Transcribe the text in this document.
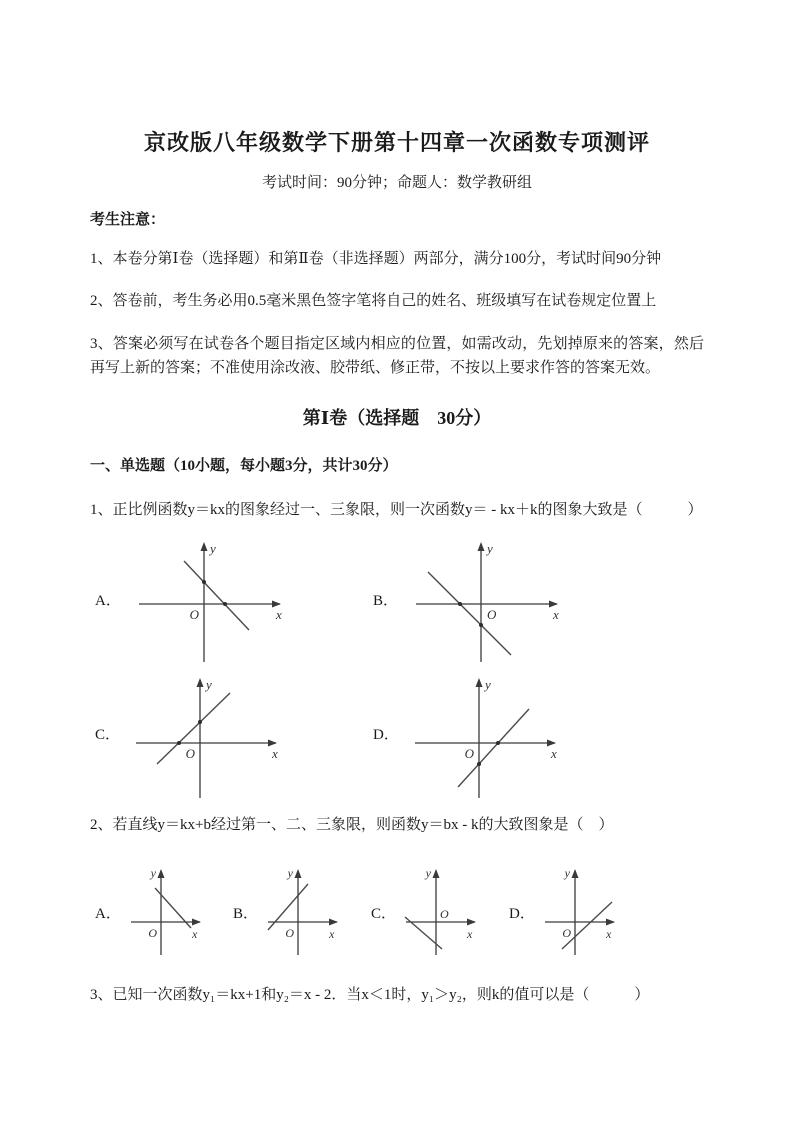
京改版八年级数学下册第十四章一次函数专项测评
考试时间：90分钟；命题人：数学教研组
考生注意：

1、本卷分第Ⅰ卷（选择题）和第Ⅱ卷（非选择题）两部分，满分100分，考试时间90分钟

2、答卷前，考生务必用0.5毫米黑色签字笔将自己的姓名、班级填写在试卷规定位置上

3、答案必须写在试卷各个题目指定区域内相应的位置，如需改动，先划掉原来的答案，然后再写上新的答案；不准使用涂改液、胶带纸、修正带，不按以上要求作答的答案无效。

第Ⅰ卷（选择题　30分）
一、单选题（10小题，每小题3分，共计30分）

1、正比例函数y＝kx的图象经过一、三象限，则一次函数y＝ - kx＋k的图象大致是（　　　）

A．
y
x
O
B．
y
x
O
C．
y
x
O
D．
y
x
O

2、若直线y＝kx+b经过第一、二、三象限，则函数y＝bx - k的大致图象是（　）

A．
y
x
O
B．
y
x
O
C．
y
x
O	D．
y
x
O

3、已知一次函数y₁＝kx+1和y₂＝x - 2．当x＜1时，y₁＞y₂，则k的值可以是（　　　）
